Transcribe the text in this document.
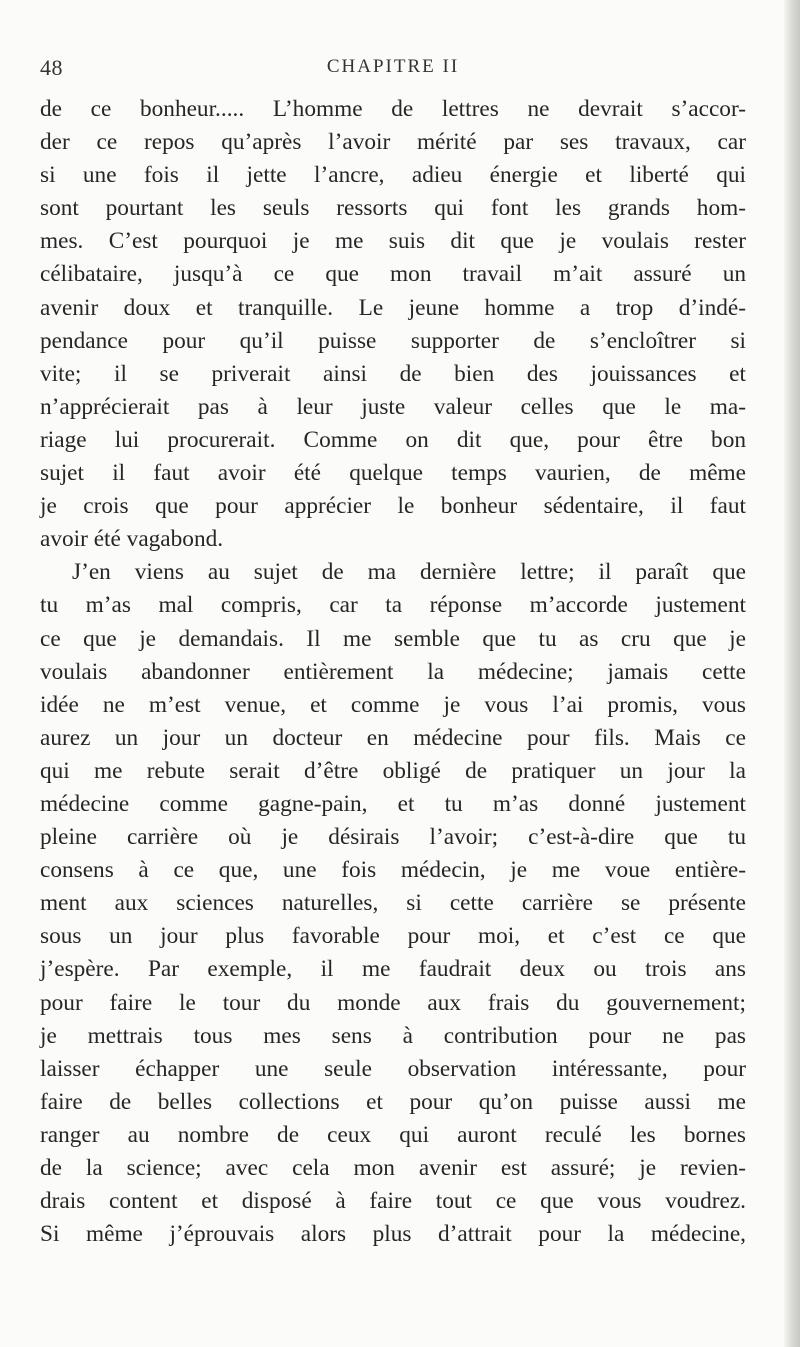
48	CHAPITRE II
de ce bonheur..... L’homme de lettres ne devrait s’accor-
der ce repos qu’après l’avoir mérité par ses travaux, car
si une fois il jette l’ancre, adieu énergie et liberté qui
sont pourtant les seuls ressorts qui font les grands hom-
mes. C’est pourquoi je me suis dit que je voulais rester
célibataire, jusqu’à ce que mon travail m’ait assuré un
avenir doux et tranquille. Le jeune homme a trop d’indé-
pendance pour qu’il puisse supporter de s’encloîtrer si
vite; il se priverait ainsi de bien des jouissances et
n’apprécierait pas à leur juste valeur celles que le ma-
riage lui procurerait. Comme on dit que, pour être bon
sujet il faut avoir été quelque temps vaurien, de même
je crois que pour apprécier le bonheur sédentaire, il faut
avoir été vagabond.
J’en viens au sujet de ma dernière lettre; il paraît que
tu m’as mal compris, car ta réponse m’accorde justement
ce que je demandais. Il me semble que tu as cru que je
voulais abandonner entièrement la médecine; jamais cette
idée ne m’est venue, et comme je vous l’ai promis, vous
aurez un jour un docteur en médecine pour fils. Mais ce
qui me rebute serait d’être obligé de pratiquer un jour la
médecine comme gagne-pain, et tu m’as donné justement
pleine carrière où je désirais l’avoir; c’est-à-dire que tu
consens à ce que, une fois médecin, je me voue entière-
ment aux sciences naturelles, si cette carrière se présente
sous un jour plus favorable pour moi, et c’est ce que
j’espère. Par exemple, il me faudrait deux ou trois ans
pour faire le tour du monde aux frais du gouvernement;
je mettrais tous mes sens à contribution pour ne pas
laisser échapper une seule observation intéressante, pour
faire de belles collections et pour qu’on puisse aussi me
ranger au nombre de ceux qui auront reculé les bornes
de la science; avec cela mon avenir est assuré; je revien-
drais content et disposé à faire tout ce que vous voudrez.
Si même j’éprouvais alors plus d’attrait pour la médecine,
